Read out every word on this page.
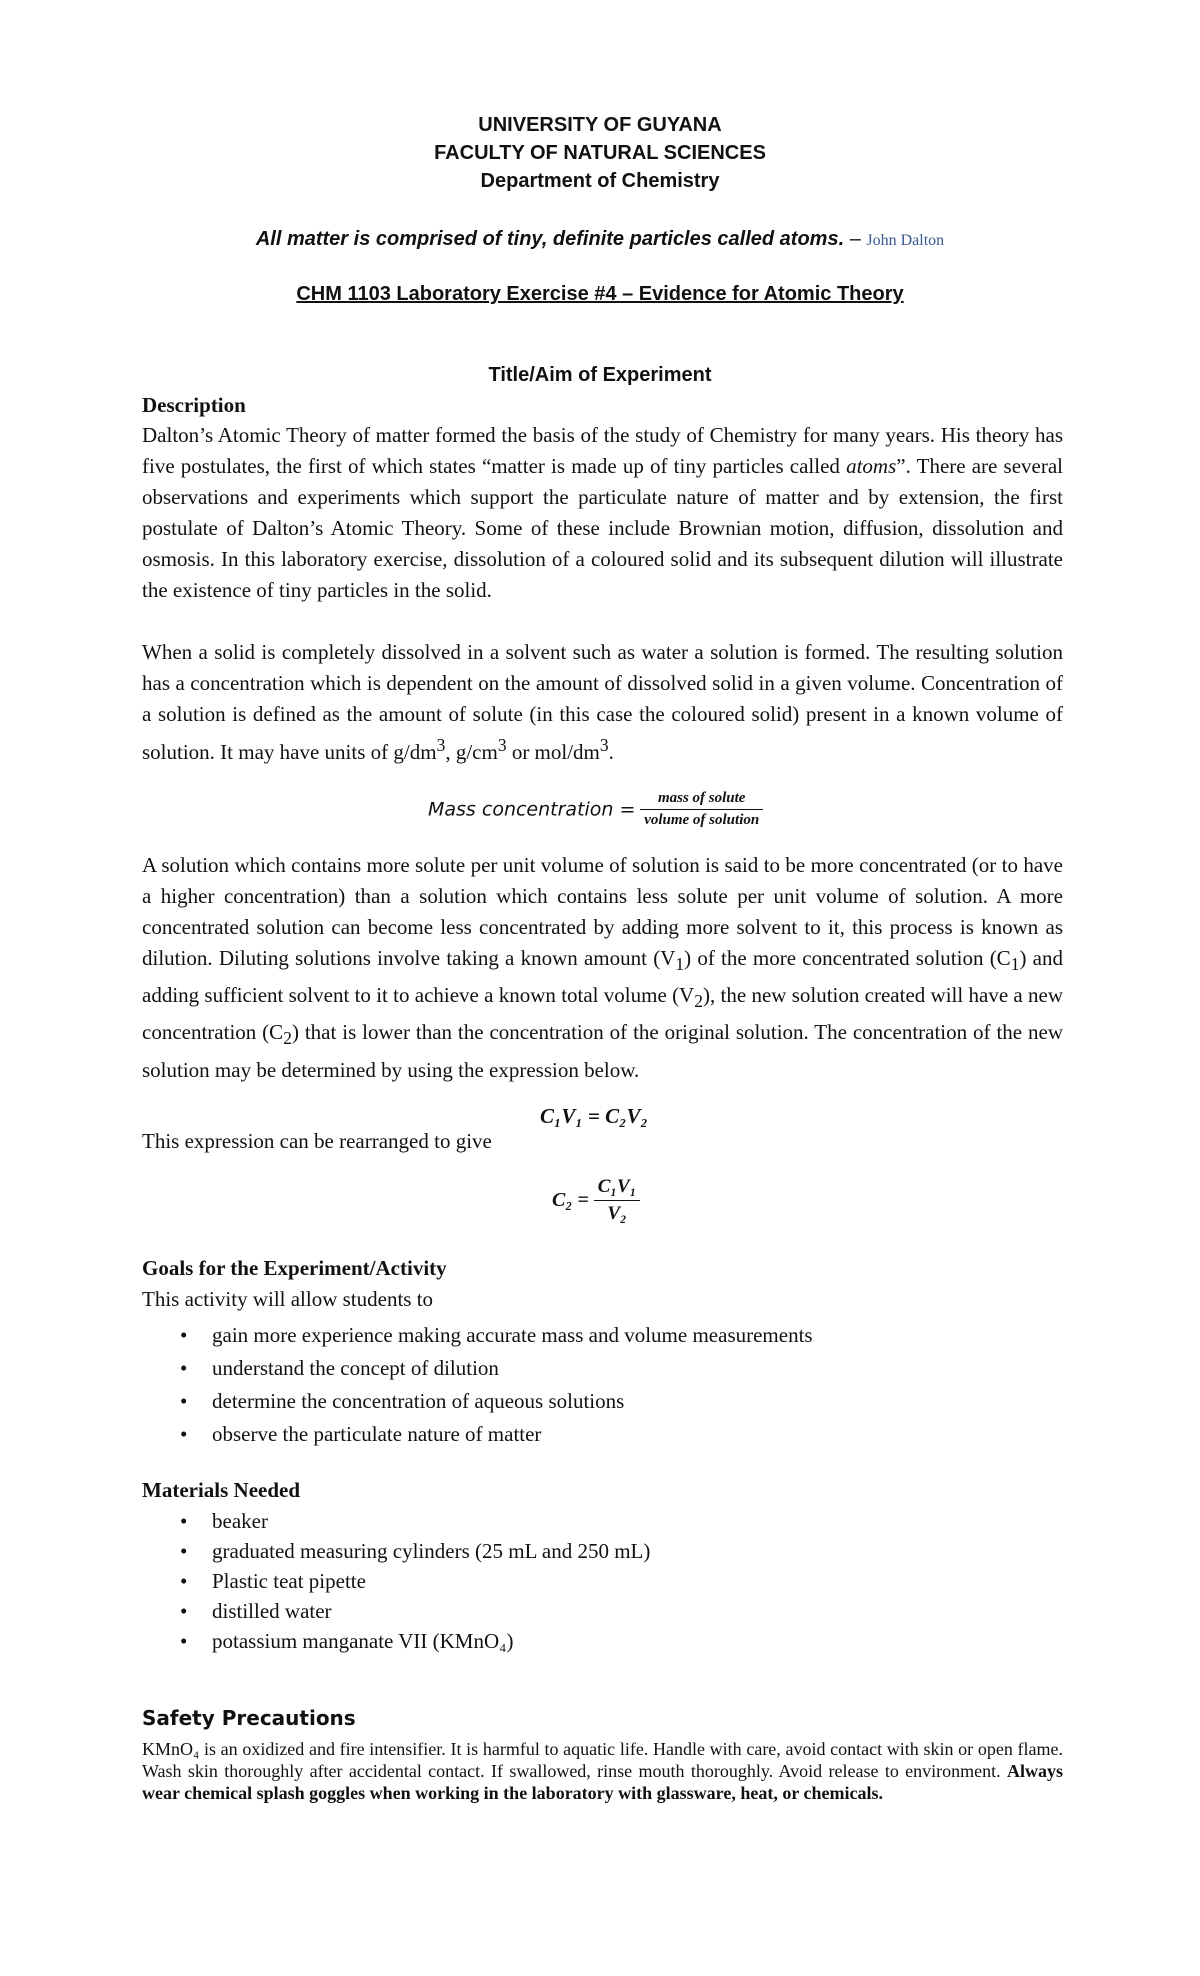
UNIVERSITY OF GUYANA
FACULTY OF NATURAL SCIENCES
Department of Chemistry
All matter is comprised of tiny, definite particles called atoms. – John Dalton
CHM 1103 Laboratory Exercise #4 – Evidence for Atomic Theory
Title/Aim of Experiment
Description

Dalton’s Atomic Theory of matter formed the basis of the study of Chemistry for many years. His theory has five postulates, the first of which states “matter is made up of tiny particles called atoms”. There are several observations and experiments which support the particulate nature of matter and by extension, the first postulate of Dalton’s Atomic Theory. Some of these include Brownian motion, diffusion, dissolution and osmosis. In this laboratory exercise, dissolution of a coloured solid and its subsequent dilution will illustrate the existence of tiny particles in the solid.

When a solid is completely dissolved in a solvent such as water a solution is formed. The resulting solution has a concentration which is dependent on the amount of dissolved solid in a given volume. Concentration of a solution is defined as the amount of solute (in this case the coloured solid) present in a known volume of solution. It may have units of $g/dm^3$, $g/cm^3$ or mol/$dm^3$.

Mass concentration = $\frac{\text{mass of solute}}{\text{volume of solution}}$

A solution which contains more solute per unit volume of solution is said to be more concentrated (or to have a higher concentration) than a solution which contains less solute per unit volume of solution. A more concentrated solution can become less concentrated by adding more solvent to it, this process is known as dilution. Diluting solutions involve taking a known amount $(V_1)$ of the more concentrated solution $(C_1)$ and adding sufficient solvent to it to achieve a known total volume $(V_2)$, the new solution created will have a new concentration $(C_2)$ that is lower than the concentration of the original solution. The concentration of the new solution may be determined by using the expression below.

C₁V₁ = C₂V₂
This expression can be rearranged to give
$C_2 = \frac{\text{C₁V₁}}{\text{V₂}}$
Goals for the Experiment/Activity
This activity will allow students to
• gain more experience making accurate mass and volume measurements
• understand the concept of dilution
• determine the concentration of aqueous solutions
• observe the particulate nature of matter
Materials Needed
• beaker
• graduated measuring cylinders (25 mL and 250 mL)
• Plastic teat pipette
• distilled water
• potassium manganate VII (KMnO₄)
Safety Precautions
KMnO₄ is an oxidized and fire intensifier. It is harmful to aquatic life. Handle with care, avoid contact with skin or open flame. Wash skin thoroughly after accidental contact. If swallowed, rinse mouth thoroughly. Avoid release to environment. Always wear chemical splash goggles when working in the laboratory with glassware, heat, or chemicals.
